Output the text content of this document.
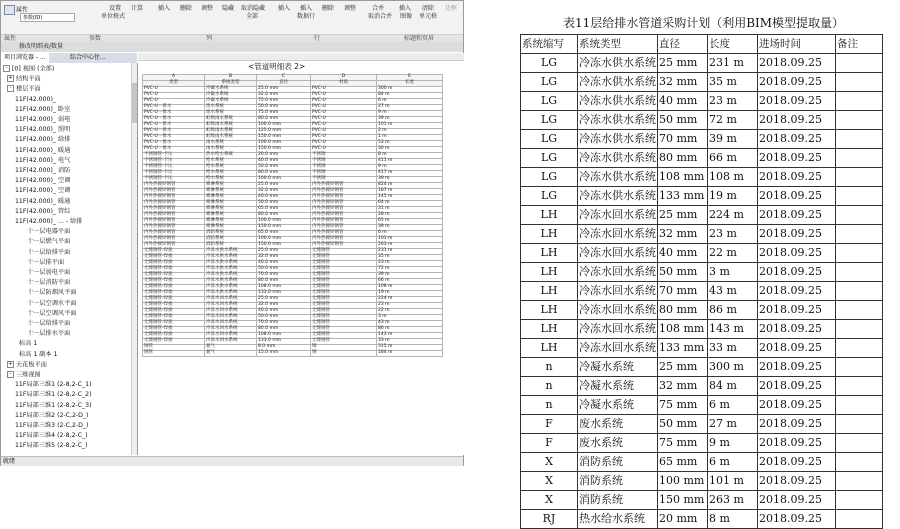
参数(ID)
属性	设置 计算
单位格式
插入 删除 调整 隐藏 取消隐藏
全部
插入 插入
数据行
删除 调整	合并
取消合并
插入
图像
清除
单元格
边框
属性	参数	列	行	标题和页眉
修改明细表/数量
项目浏览器 - ...	综合中心住...
- [0] 视图 (全部)
+ 结构平面
- 楼层平面
11F(42.000)_
11F(42.000)_ 卧室
11F(42.000)_ 弱电
11F(42.000)_ 照明
11F(42.000)_ 给排
11F(42.000)_ 暖通
11F(42.000)_ 电气
11F(42.000)_ 消防
11F(42.000)_ 空调
11F(42.000)_ 空调
11F(42.000)_ 暖通
11F(42.000)_ 管综
11F(42.000)_ ... - 给排
十一层电器平面
十一层燃气平面
十一层给排平面
十一层排平面
十一层弱电平面
十一层消防平面
十一层防烟风平面
十一层空调水平面
十一层空调风平面
十一层给排平面
十一层排水平面
标高 1
标高 1 副本 1
+ 天花板平面
- 三维视图
11F局部三维1 (2-8,2-C_1)
11F局部三维1 (2-8,2-C_2)
11F局部三维1 (2-8,2-C_3)
11F局部三维2 (2-C,2-D_)
11F局部三维3 (2-C,2-D_)
11F局部三维4 (2-8,2-C_)
11F局部三维5 (2-8,2-C_)
<管道明细表 2>
A	B	C	D	E
类型	系统类型	直径	材质	长度
PVC-U	冷凝水系统	25.0 mm	PVC-U	300 m
PVC-U	冷凝水系统	32.0 mm	PVC-U	84 m
PVC-U	冷凝水系统	75.0 mm	PVC-U	6 m
PVC-U - 排水	废水系统	50.0 mm	PVC-U	27 m
PVC-U - 排水	废水系统	75.0 mm	PVC-U	9 m
PVC-U - 排水	虹吸雨水系统	80.0 mm	PVC-U	39 m
PVC-U - 排水	虹吸雨水系统	100.0 mm	PVC-U	101 m
PVC-U - 排水	虹吸雨水系统	125.0 mm	PVC-U	2 m
PVC-U - 排水	虹吸雨水系统	150.0 mm	PVC-U	1 m
PVC-U - 排水	雨水系统	100.0 mm	PVC-U	53 m
PVC-U - 排水	雨水系统	150.0 mm	PVC-U	30 m
不锈钢管-卡压	热水给水系统	20.0 mm	不锈钢	8 m
不锈钢管-卡压	给水系统	40.0 mm	不锈钢	411 m
不锈钢管-卡压	给水系统	50.0 mm	不锈钢	9 m
不锈钢管-卡压	给水系统	80.0 mm	不锈钢	417 m
不锈钢管-卡压	给水系统	100.0 mm	不锈钢	39 m
内外热镀锌钢管	喷淋系统	25.0 mm	内外热镀锌钢管	824 m
内外热镀锌钢管	喷淋系统	32.0 mm	内外热镀锌钢管	187 m
内外热镀锌钢管	喷淋系统	40.0 mm	内外热镀锌钢管	145 m
内外热镀锌钢管	喷淋系统	50.0 mm	内外热镀锌钢管	64 m
内外热镀锌钢管	喷淋系统	65.0 mm	内外热镀锌钢管	31 m
内外热镀锌钢管	喷淋系统	80.0 mm	内外热镀锌钢管	28 m
内外热镀锌钢管	喷淋系统	100.0 mm	内外热镀锌钢管	65 m
内外热镀锌钢管	喷淋系统	150.0 mm	内外热镀锌钢管	39 m
内外热镀锌钢管	消防系统	65.0 mm	内外热镀锌钢管	6 m
内外热镀锌钢管	消防系统	100.0 mm	内外热镀锌钢管	101 m
内外热镀锌钢管	消防系统	150.0 mm	内外热镀锌钢管	263 m
无缝钢管-焊接	冷冻水供水系统	25.0 mm	无缝钢管	231 m
无缝钢管-焊接	冷冻水供水系统	32.0 mm	无缝钢管	35 m
无缝钢管-焊接	冷冻水供水系统	40.0 mm	无缝钢管	23 m
无缝钢管-焊接	冷冻水供水系统	50.0 mm	无缝钢管	72 m
无缝钢管-焊接	冷冻水供水系统	70.0 mm	无缝钢管	39 m
无缝钢管-焊接	冷冻水供水系统	80.0 mm	无缝钢管	66 m
无缝钢管-焊接	冷冻水供水系统	108.0 mm	无缝钢管	108 m
无缝钢管-焊接	冷冻水供水系统	133.0 mm	无缝钢管	19 m
无缝钢管-焊接	冷冻水回水系统	25.0 mm	无缝钢管	224 m
无缝钢管-焊接	冷冻水回水系统	32.0 mm	无缝钢管	23 m
无缝钢管-焊接	冷冻水回水系统	40.0 mm	无缝钢管	22 m
无缝钢管-焊接	冷冻水回水系统	50.0 mm	无缝钢管	3 m
无缝钢管-焊接	冷冻水回水系统	70.0 mm	无缝钢管	43 m
无缝钢管-焊接	冷冻水回水系统	80.0 mm	无缝钢管	86 m
无缝钢管-焊接	冷冻水回水系统	108.0 mm	无缝钢管	143 m
无缝钢管-焊接	冷冻水回水系统	133.0 mm	无缝钢管	33 m
钢管	氮气	8.0 mm	钢	315 m
钢管	氮气	15.0 mm	钢	184 m
就绪
表11层给排水管道采购计划（利用BIM模型提取量）
系统缩写	系统类型	直径	长度	进场时间	备注
LG	冷冻水供水系统	25 mm	231 m	2018.09.25	
LG	冷冻水供水系统	32 mm	35 m	2018.09.25	
LG	冷冻水供水系统	40 mm	23 m	2018.09.25	
LG	冷冻水供水系统	50 mm	72 m	2018.09.25	
LG	冷冻水供水系统	70 mm	39 m	2018.09.25	
LG	冷冻水供水系统	80 mm	66 m	2018.09.25	
LG	冷冻水供水系统	108 mm	108 m	2018.09.25	
LG	冷冻水供水系统	133 mm	19 m	2018.09.25	
LH	冷冻水回水系统	25 mm	224 m	2018.09.25	
LH	冷冻水回水系统	32 mm	23 m	2018.09.25	
LH	冷冻水回水系统	40 mm	22 m	2018.09.25	
LH	冷冻水回水系统	50 mm	3 m	2018.09.25	
LH	冷冻水回水系统	70 mm	43 m	2018.09.25	
LH	冷冻水回水系统	80 mm	86 m	2018.09.25	
LH	冷冻水回水系统	108 mm	143 m	2018.09.25	
LH	冷冻水回水系统	133 mm	33 m	2018.09.25	
n	冷凝水系统	25 mm	300 m	2018.09.25	
n	冷凝水系统	32 mm	84 m	2018.09.25	
n	冷凝水系统	75 mm	6 m	2018.09.25	
F	废水系统	50 mm	27 m	2018.09.25	
F	废水系统	75 mm	9 m	2018.09.25	
X	消防系统	65 mm	6 m	2018.09.25	
X	消防系统	100 mm	101 m	2018.09.25	
X	消防系统	150 mm	263 m	2018.09.25	
RJ	热水给水系统	20 mm	8 m	2018.09.25	
